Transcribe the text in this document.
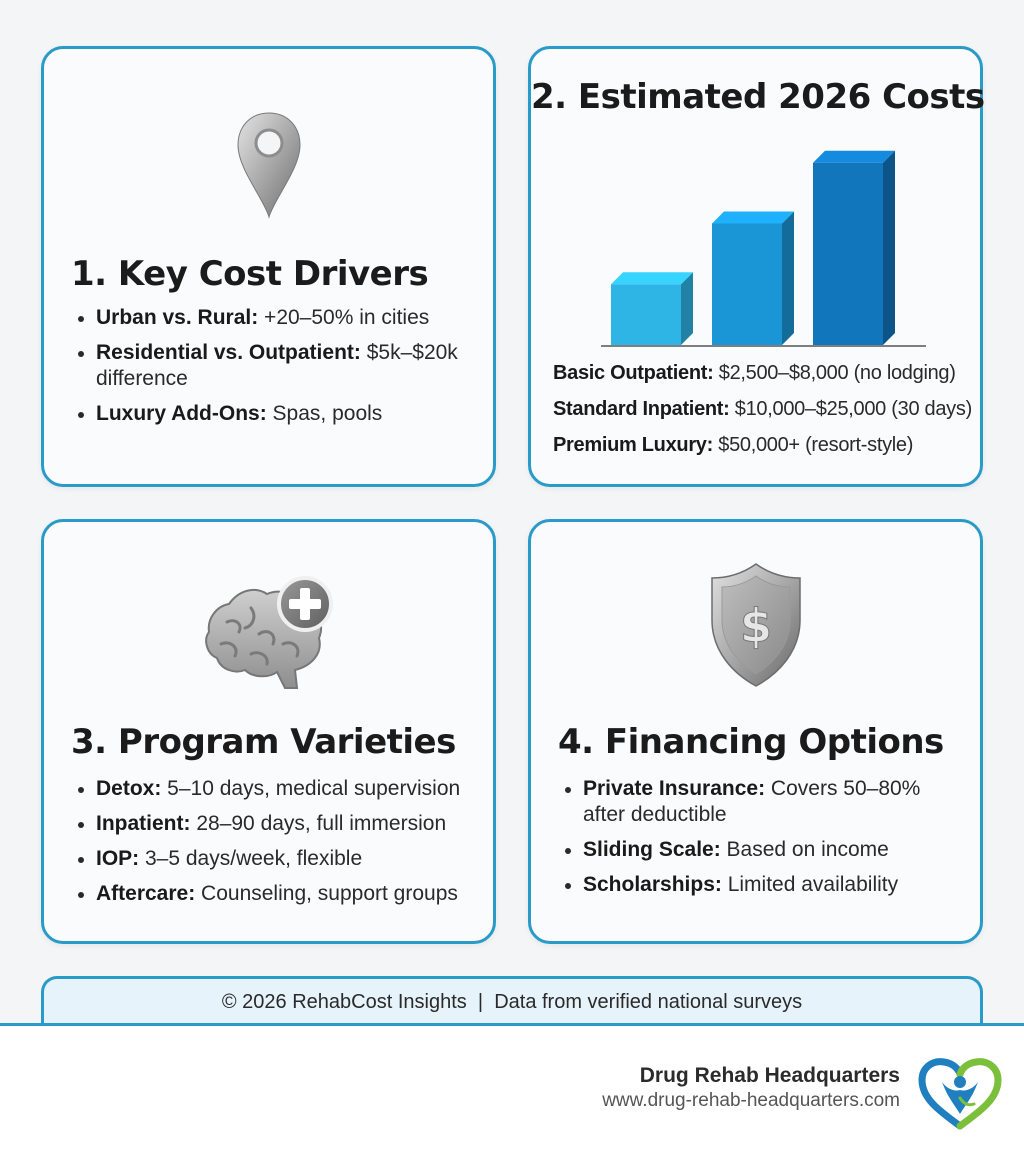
1. Key Cost Drivers
Urban vs. Rural: +20–50% in cities
Residential vs. Outpatient: $5k–$20k difference
Luxury Add-Ons: Spas, pools
2. Estimated 2026 Costs
Basic Outpatient: $2,500–$8,000 (no lodging)
Standard Inpatient: $10,000–$25,000 (30 days)
Premium Luxury: $50,000+ (resort-style)
3. Program Varieties
Detox: 5–10 days, medical supervision
Inpatient: 28–90 days, full immersion
IOP: 3–5 days/week, flexible
Aftercare: Counseling, support groups
$
4. Financing Options
Private Insurance: Covers 50–80% after deductible
Sliding Scale: Based on income
Scholarships: Limited availability
© 2026 RehabCost Insights  |  Data from verified national surveys
Drug Rehab Headquarters
www.drug-rehab-headquarters.com
